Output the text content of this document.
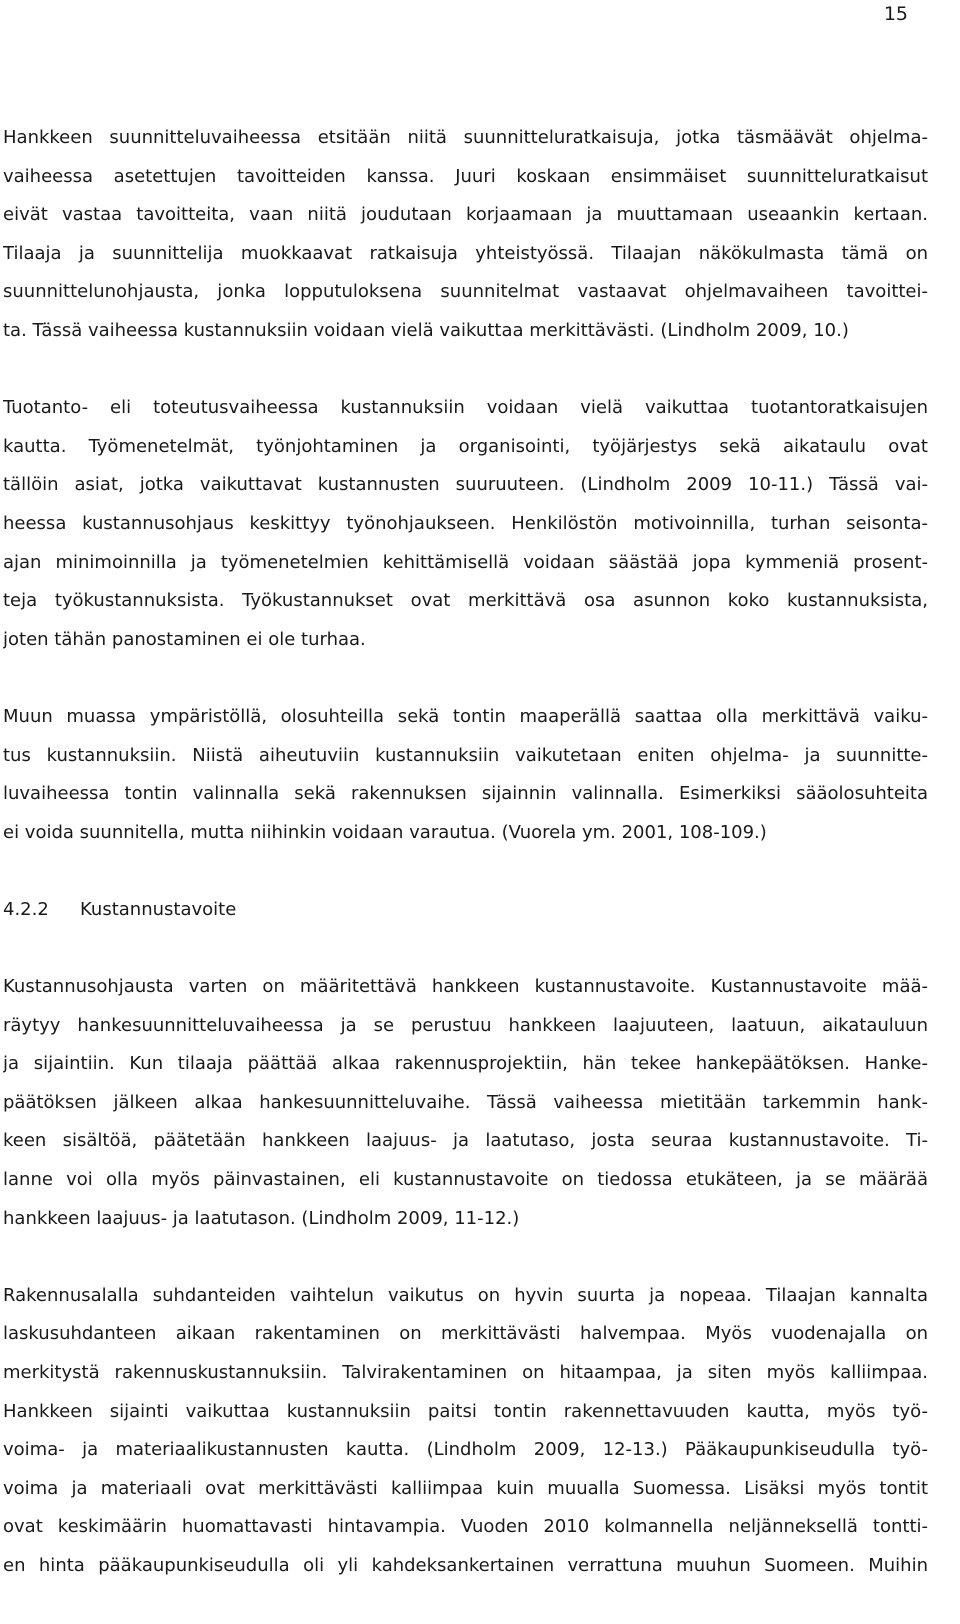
15
Hankkeen suunnitteluvaiheessa etsitään niitä suunnitteluratkaisuja, jotka täsmäävät ohjelma-
vaiheessa asetettujen tavoitteiden kanssa. Juuri koskaan ensimmäiset suunnitteluratkaisut
eivät vastaa tavoitteita, vaan niitä joudutaan korjaamaan ja muuttamaan useaankin kertaan.
Tilaaja ja suunnittelija muokkaavat ratkaisuja yhteistyössä. Tilaajan näkökulmasta tämä on
suunnittelunohjausta, jonka lopputuloksena suunnitelmat vastaavat ohjelmavaiheen tavoittei-
ta. Tässä vaiheessa kustannuksiin voidaan vielä vaikuttaa merkittävästi. (Lindholm 2009, 10.)
Tuotanto- eli toteutusvaiheessa kustannuksiin voidaan vielä vaikuttaa tuotantoratkaisujen
kautta. Työmenetelmät, työnjohtaminen ja organisointi, työjärjestys sekä aikataulu ovat
tällöin asiat, jotka vaikuttavat kustannusten suuruuteen. (Lindholm 2009 10-11.) Tässä vai-
heessa kustannusohjaus keskittyy työnohjaukseen. Henkilöstön motivoinnilla, turhan seisonta-
ajan minimoinnilla ja työmenetelmien kehittämisellä voidaan säästää jopa kymmeniä prosent-
teja työkustannuksista. Työkustannukset ovat merkittävä osa asunnon koko kustannuksista,
joten tähän panostaminen ei ole turhaa.
Muun muassa ympäristöllä, olosuhteilla sekä tontin maaperällä saattaa olla merkittävä vaiku-
tus kustannuksiin. Niistä aiheutuviin kustannuksiin vaikutetaan eniten ohjelma- ja suunnitte-
luvaiheessa tontin valinnalla sekä rakennuksen sijainnin valinnalla. Esimerkiksi sääolosuhteita
ei voida suunnitella, mutta niihinkin voidaan varautua. (Vuorela ym. 2001, 108-109.)
4.2.2 Kustannustavoite
Kustannusohjausta varten on määritettävä hankkeen kustannustavoite. Kustannustavoite mää-
räytyy hankesuunnitteluvaiheessa ja se perustuu hankkeen laajuuteen, laatuun, aikatauluun
ja sijaintiin. Kun tilaaja päättää alkaa rakennusprojektiin, hän tekee hankepäätöksen. Hanke-
päätöksen jälkeen alkaa hankesuunnitteluvaihe. Tässä vaiheessa mietitään tarkemmin hank-
keen sisältöä, päätetään hankkeen laajuus- ja laatutaso, josta seuraa kustannustavoite. Ti-
lanne voi olla myös päinvastainen, eli kustannustavoite on tiedossa etukäteen, ja se määrää
hankkeen laajuus- ja laatutason. (Lindholm 2009, 11-12.)
Rakennusalalla suhdanteiden vaihtelun vaikutus on hyvin suurta ja nopeaa. Tilaajan kannalta
laskusuhdanteen aikaan rakentaminen on merkittävästi halvempaa. Myös vuodenajalla on
merkitystä rakennuskustannuksiin. Talvirakentaminen on hitaampaa, ja siten myös kalliimpaa.
Hankkeen sijainti vaikuttaa kustannuksiin paitsi tontin rakennettavuuden kautta, myös työ-
voima- ja materiaalikustannusten kautta. (Lindholm 2009, 12-13.) Pääkaupunkiseudulla työ-
voima ja materiaali ovat merkittävästi kalliimpaa kuin muualla Suomessa. Lisäksi myös tontit
ovat keskimäärin huomattavasti hintavampia. Vuoden 2010 kolmannella neljänneksellä tontti-
en hinta pääkaupunkiseudulla oli yli kahdeksankertainen verrattuna muuhun Suomeen. Muihin
